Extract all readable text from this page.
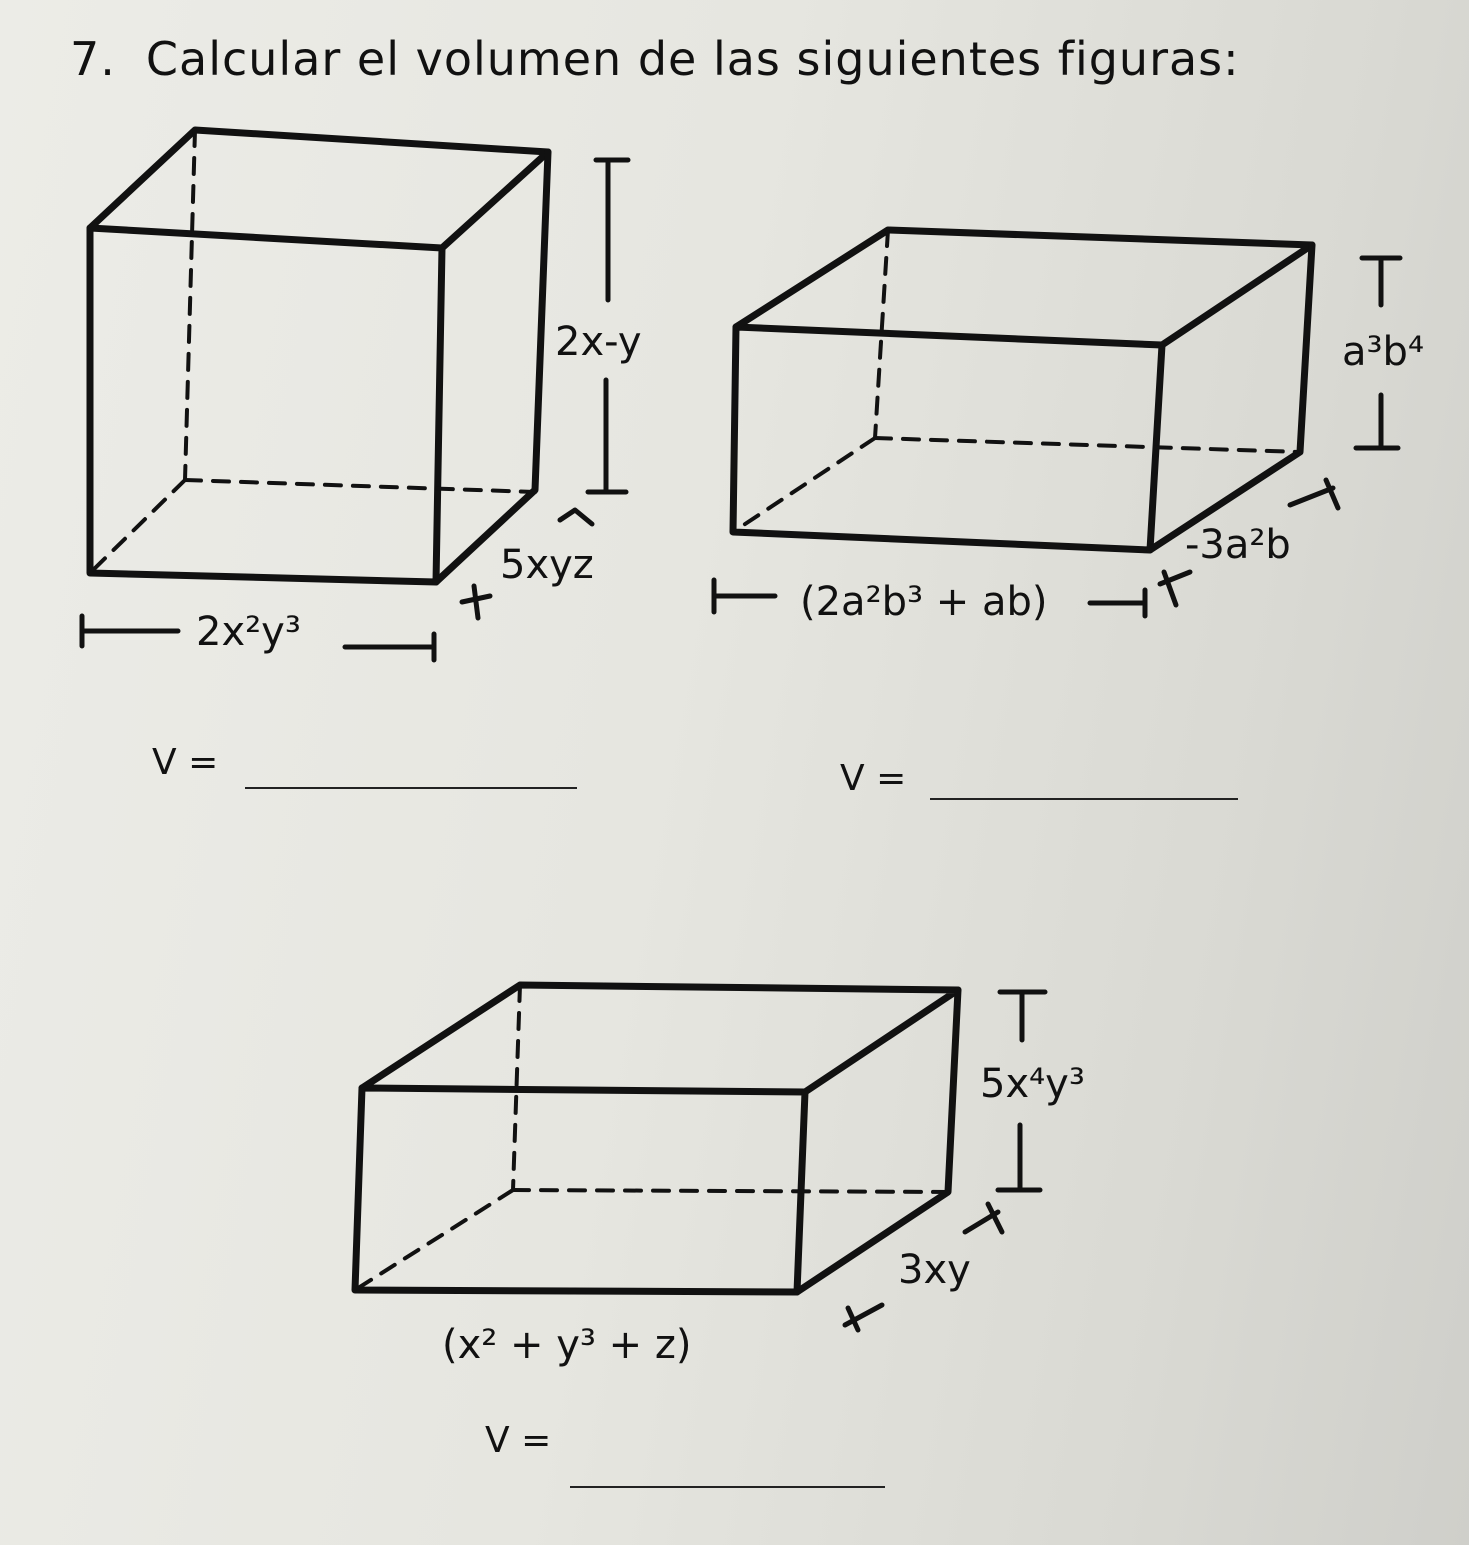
7. Calcular el volumen de las siguientes figuras:
2x-y
5xyz
2x²y³
a³b⁴
-3a²b
(2a²b³ + ab)
5x⁴y³
3xy
(x² + y³ + z)
V =	V =
V =
